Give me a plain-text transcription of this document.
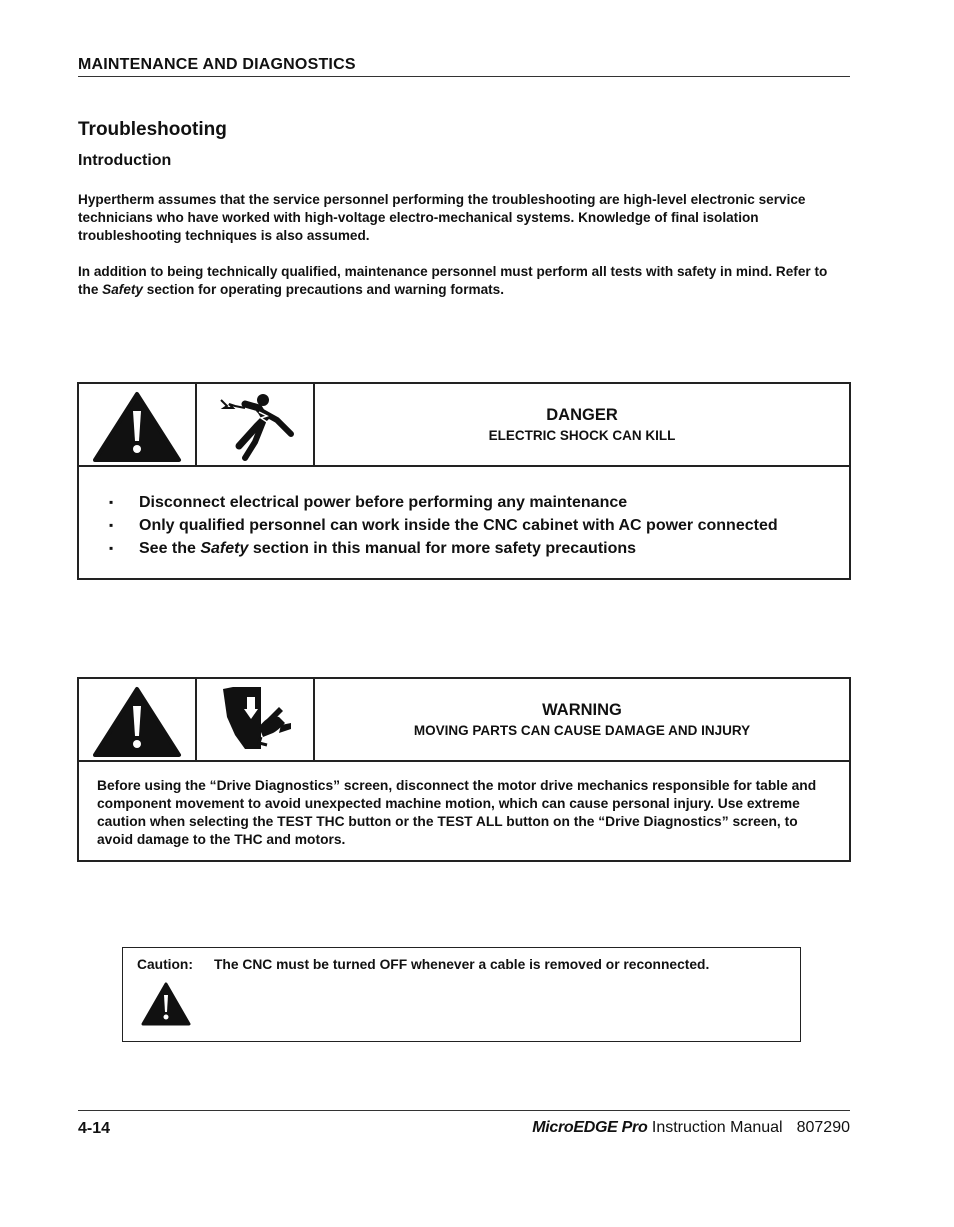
MAINTENANCE AND DIAGNOSTICS
Troubleshooting
Introduction
Hypertherm assumes that the service personnel performing the troubleshooting are high-level electronic service technicians who have worked with high-voltage electro-mechanical systems. Knowledge of final isolation troubleshooting techniques is also assumed.
In addition to being technically qualified, maintenance personnel must perform all tests with safety in mind. Refer to the Safety section for operating precautions and warning formats.
DANGER
ELECTRIC SHOCK CAN KILL
▪ Disconnect electrical power before performing any maintenance
▪ Only qualified personnel can work inside the CNC cabinet with AC power connected
▪ See the Safety section in this manual for more safety precautions
WARNING
MOVING PARTS CAN CAUSE DAMAGE AND INJURY
Before using the “Drive Diagnostics” screen, disconnect the motor drive mechanics responsible for table and component movement to avoid unexpected machine motion, which can cause personal injury. Use extreme caution when selecting the TEST THC button or the TEST ALL button on the “Drive Diagnostics” screen, to avoid damage to the THC and motors.
Caution: The CNC must be turned OFF whenever a cable is removed or reconnected.
4-14	MicroEDGE Pro Instruction Manual 807290
